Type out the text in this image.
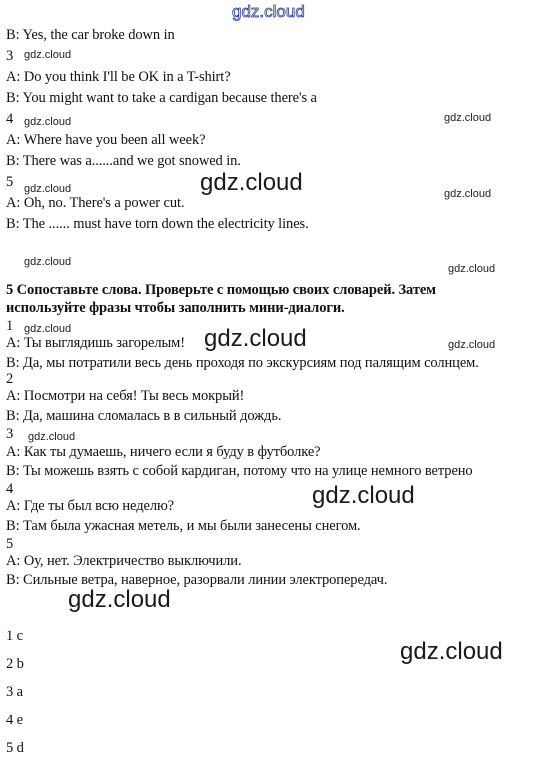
gdz.cloud
B: Yes, the car broke down in
3
A: Do you think I'll be OK in a T-shirt?
B: You might want to take a cardigan because there's a
4
A: Where have you been all week?
B: There was a......and we got snowed in.
5
A: Oh, no. There's a power cut.
B: The ...... must have torn down the electricity lines.
5 Сопоставьте слова. Проверьте с помощью своих словарей. Затем
используйте фразы чтобы заполнить мини-диалоги.
1
A: Ты выглядишь загорелым!
B: Да, мы потратили весь день проходя по экскурсиям под палящим солнцем.
2
A: Посмотри на себя! Ты весь мокрый!
B: Да, машина сломалась в в сильный дождь.
3
A: Как ты думаешь, ничего если я буду в футболке?
B: Ты можешь взять с собой кардиган, потому что на улице немного ветрено
4
A: Где ты был всю неделю?
B: Там была ужасная метель, и мы были занесены снегом.
5
A: Оу, нет. Электричество выключили.
B: Сильные ветра, наверное, разорвали линии электропередач.
1 c
2 b
3 a
4 e
5 d
gdz.cloud
gdz.cloud	gdz.cloud
gdz.cloud	gdz.cloud
gdz.cloud
gdz.cloud
gdz.cloud
gdz.cloud
gdz.cloud
gdz.cloud
gdz.cloud
gdz.cloud
gdz.cloud
gdz.cloud
